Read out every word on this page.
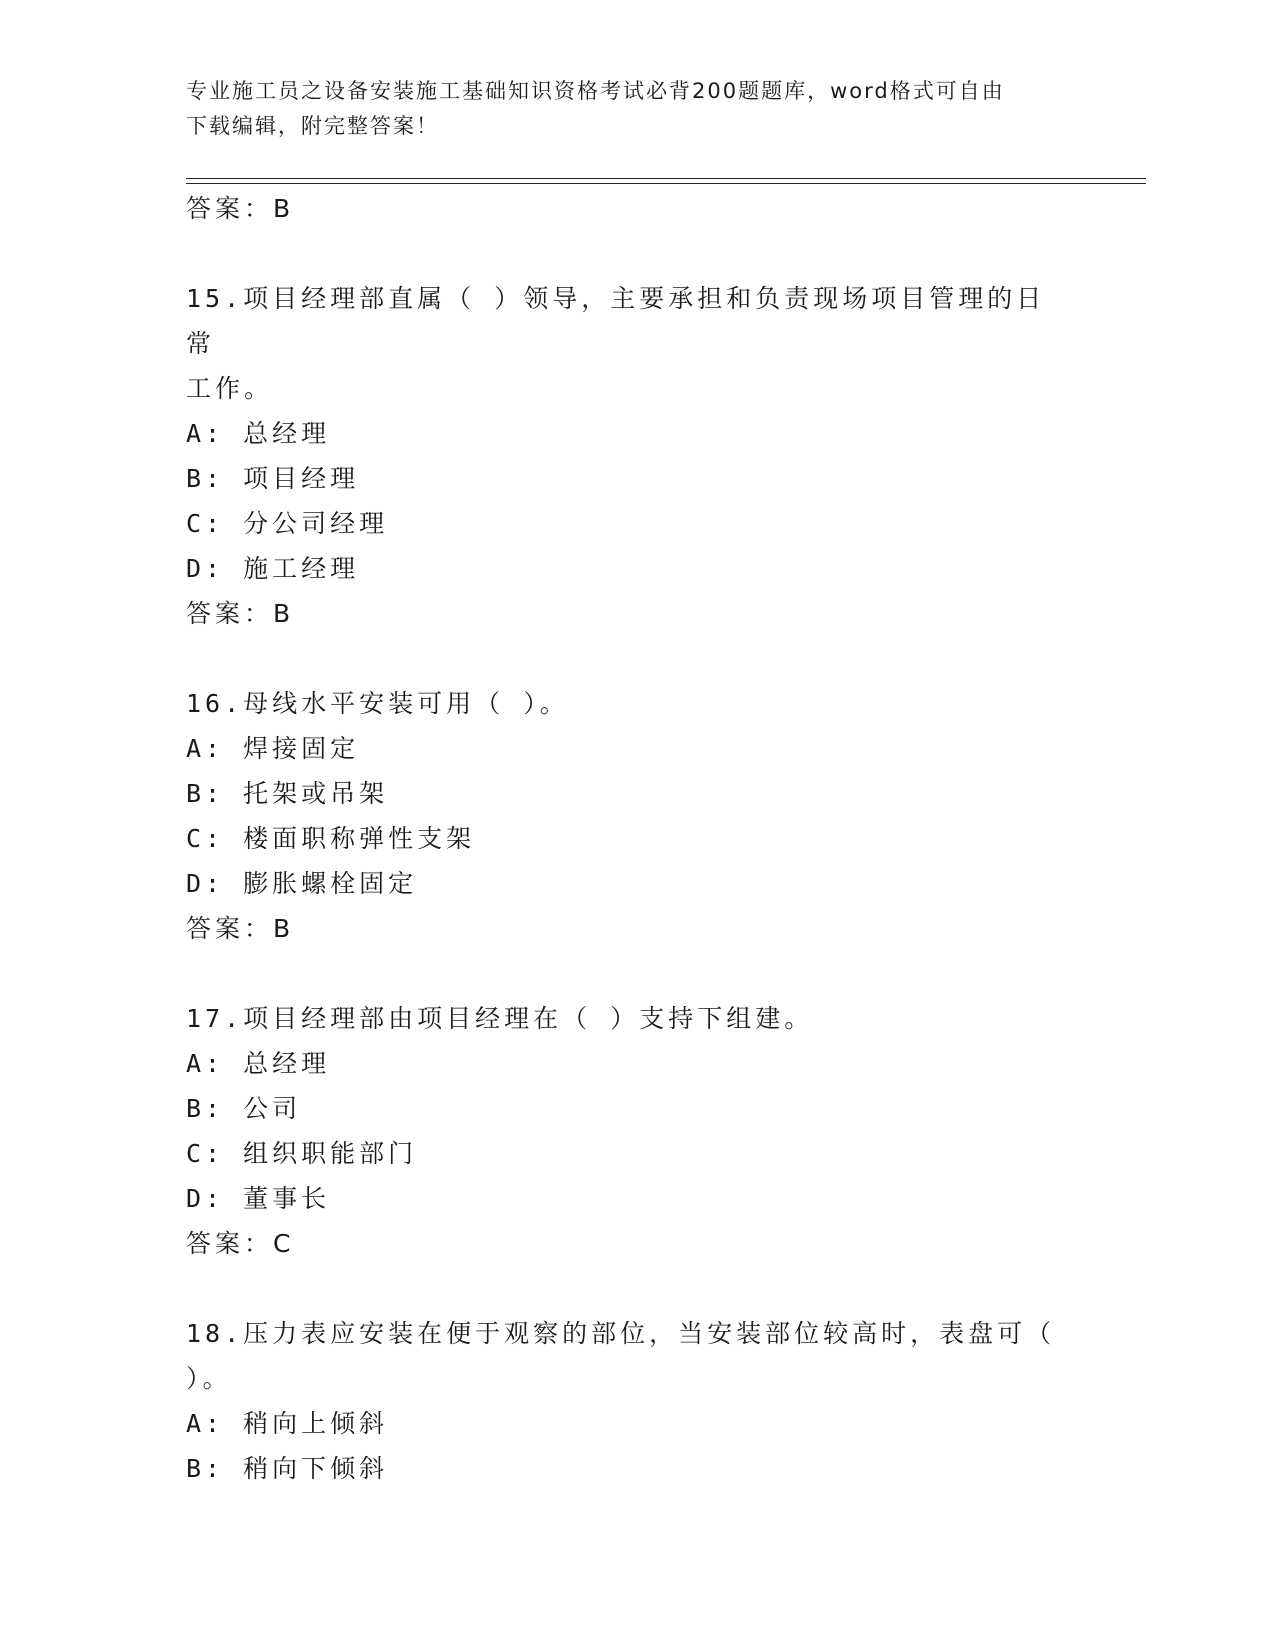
专业施工员之设备安装施工基础知识资格考试必背200题题库，word格式可自由
下载编辑，附完整答案！
答案：B
15.项目经理部直属（ ）领导，主要承担和负责现场项目管理的日常
工作。
A: 总经理
B: 项目经理
C: 分公司经理
D: 施工经理
答案：B
16.母线水平安装可用（ ）。
A: 焊接固定
B: 托架或吊架
C: 楼面职称弹性支架
D: 膨胀螺栓固定
答案：B
17.项目经理部由项目经理在（ ）支持下组建。
A: 总经理
B: 公司
C: 组织职能部门
D: 董事长
答案：C
18.压力表应安装在便于观察的部位，当安装部位较高时，表盘可（
）。
A: 稍向上倾斜
B: 稍向下倾斜
